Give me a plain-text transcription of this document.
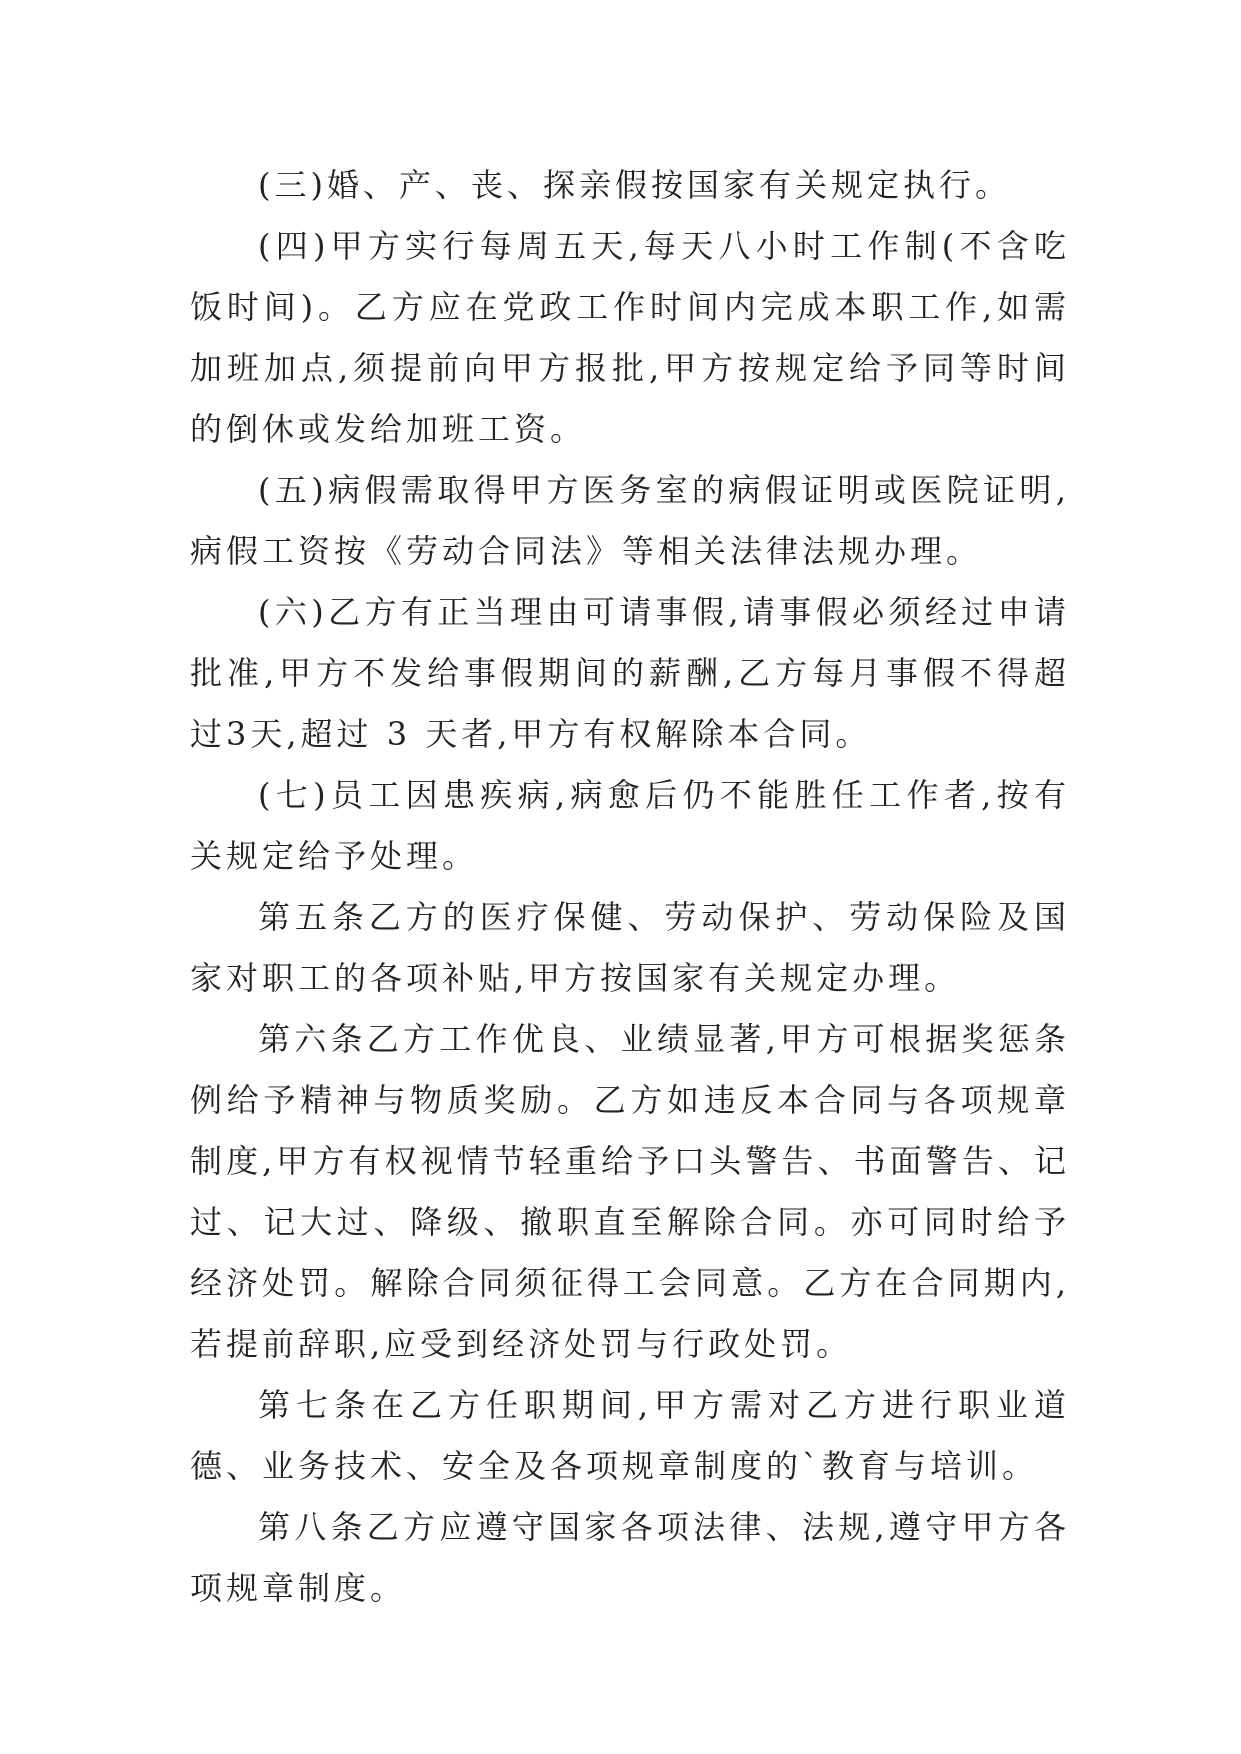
(三)婚、产、丧、探亲假按国家有关规定执行。

(四)甲方实行每周五天,每天八小时工作制(不含吃饭时间)。乙方应在党政工作时间内完成本职工作,如需加班加点,须提前向甲方报批,甲方按规定给予同等时间的倒休或发给加班工资。

(五)病假需取得甲方医务室的病假证明或医院证明,病假工资按《劳动合同法》等相关法律法规办理。

(六)乙方有正当理由可请事假,请事假必须经过申请批准,甲方不发给事假期间的薪酬,乙方每月事假不得超过3天,超过 3 天者,甲方有权解除本合同。

(七)员工因患疾病,病愈后仍不能胜任工作者,按有关规定给予处理。

第五条乙方的医疗保健、劳动保护、劳动保险及国家对职工的各项补贴,甲方按国家有关规定办理。

第六条乙方工作优良、业绩显著,甲方可根据奖惩条例给予精神与物质奖励。乙方如违反本合同与各项规章制度,甲方有权视情节轻重给予口头警告、书面警告、记过、记大过、降级、撤职直至解除合同。亦可同时给予经济处罚。解除合同须征得工会同意。乙方在合同期内,若提前辞职,应受到经济处罚与行政处罚。

第七条在乙方任职期间,甲方需对乙方进行职业道德、业务技术、安全及各项规章制度的`教育与培训。

第八条乙方应遵守国家各项法律、法规,遵守甲方各项规章制度。
